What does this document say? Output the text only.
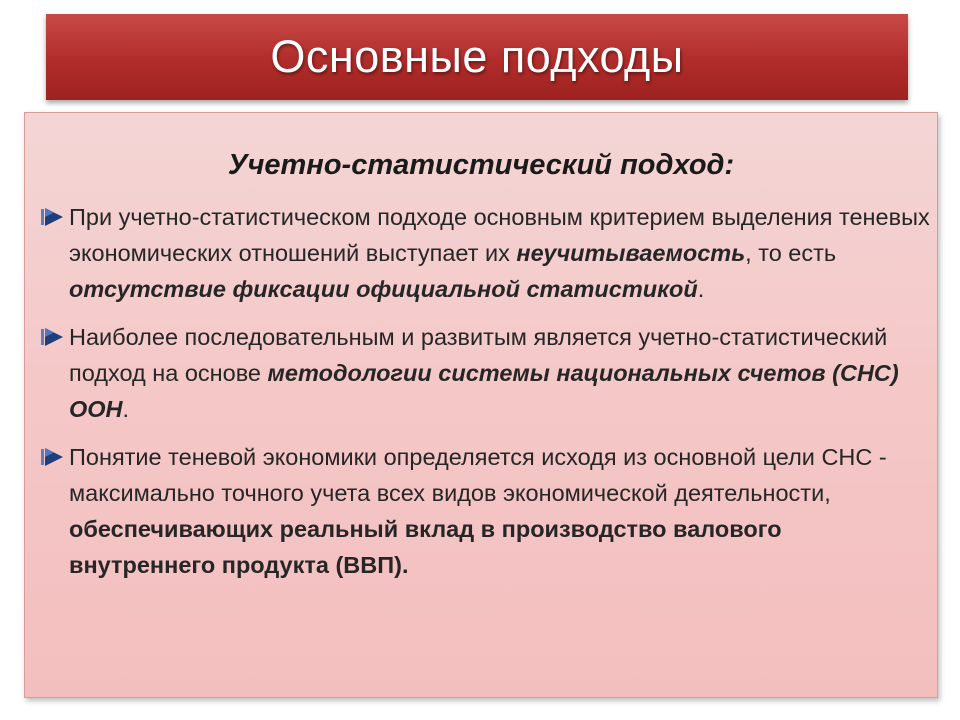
Основные подходы
Учетно-статистический подход:
При учетно-статистическом подходе основным критерием выделения теневых экономических отношений выступает их неучитываемость, то есть отсутствие фиксации официальной статистикой.
Наиболее последовательным и развитым является учетно-статистический подход на основе методологии системы национальных счетов (СНС) ООН.
Понятие теневой экономики определяется исходя из основной цели СНС - максимально точного учета всех видов экономической деятельности, обеспечивающих реальный вклад в производство валового внутреннего продукта (ВВП).
